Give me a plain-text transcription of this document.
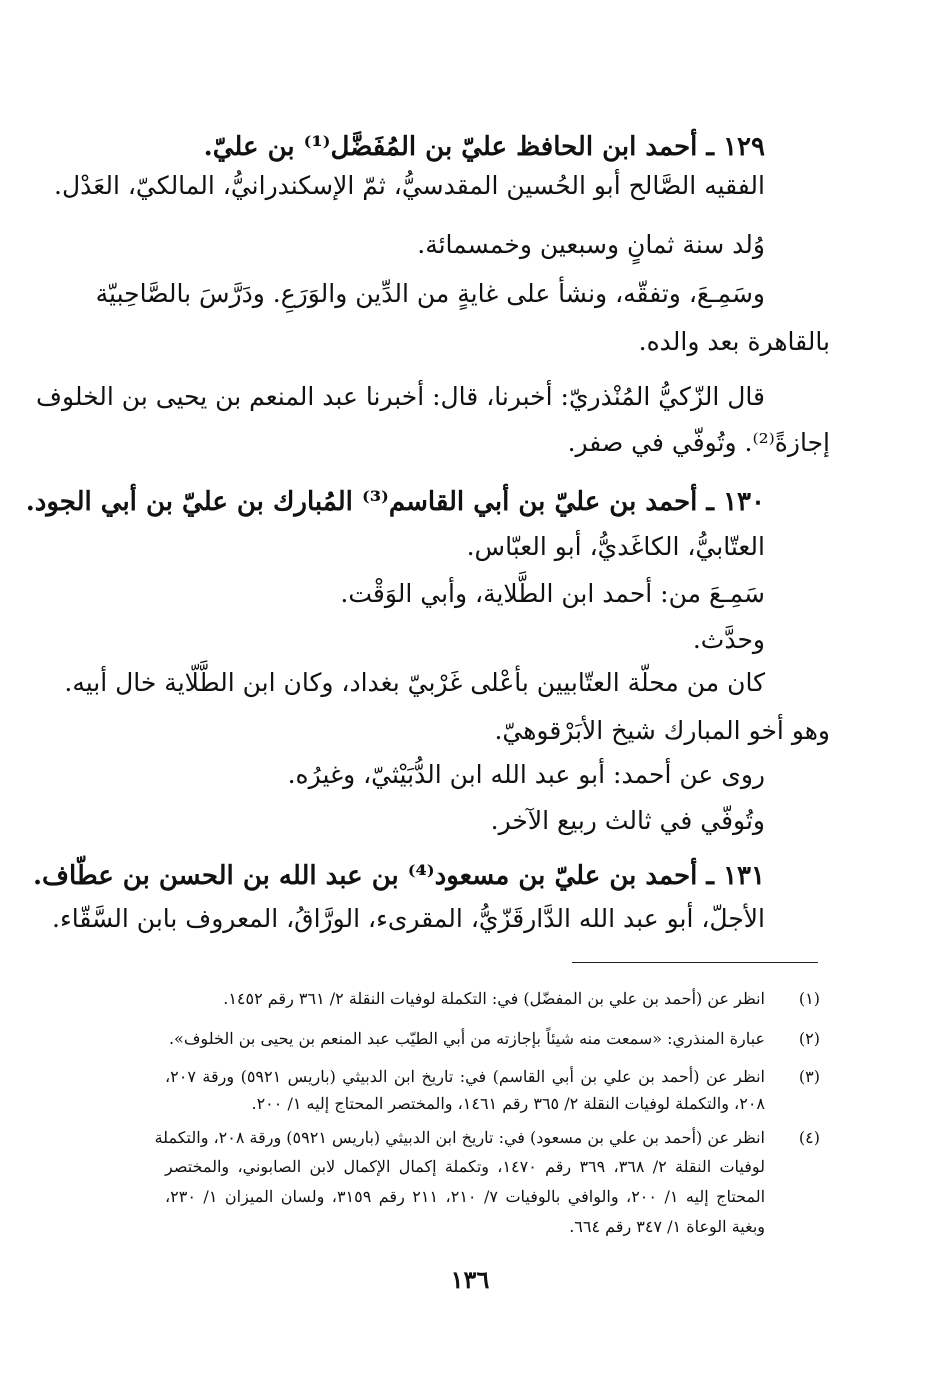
١٢٩ ـ أحمد ابن الحافظ عليّ بن المُفَضَّل⁽¹⁾ بن عليّ.
الفقيه الصَّالح أبو الحُسين المقدسيُّ، ثمّ الإسكندرانيُّ، المالكيّ، العَدْل.
وُلد سنة ثمانٍ وسبعين وخمسمائة.
وسَمِـعَ، وتفقّه، ونشأ على غايةٍ من الدِّين والوَرَعِ. ودَرَّسَ بالصَّاحِبيّة
بالقاهرة بعد والده.
قال الزّكيُّ المُنْذريّ: أخبرنا، قال: أخبرنا عبد المنعم بن يحيى بن الخلوف
إجازةً⁽²⁾. وتُوفّي في صفر.
١٣٠ ـ أحمد بن عليّ بن أبي القاسم⁽³⁾ المُبارك بن عليّ بن أبي الجود.
العتّابيُّ، الكاغَديُّ، أبو العبّاس.
سَمِـعَ من: أحمد ابن الطَّلاية، وأبي الوَقْت.
وحدَّث.
كان من محلّة العتّابيين بأعْلى غَرْبيّ بغداد، وكان ابن الطَّلّاية خال أبيه.
وهو أخو المبارك شيخ الأبَرْقوهيّ.
روى عن أحمد: أبو عبد الله ابن الدُّبَيْثيّ، وغيرُه.
وتُوفّي في ثالث ربيع الآخر.
١٣١ ـ أحمد بن عليّ بن مسعود⁽⁴⁾ بن عبد الله بن الحسن بن عطّاف.
الأجلّ، أبو عبد الله الدَّارقَزّيُّ، المقرىء، الورَّاقُ، المعروف بابن السَّقّاء.
(١)
انظر عن (أحمد بن علي بن المفضّل) في: التكملة لوفيات النقلة ٢/ ٣٦١ رقم ١٤٥٢.
(٢)
عبارة المنذري: «سمعت منه شيئاً بإجازته من أبي الطيّب عبد المنعم بن يحيى بن الخلوف».
(٣)
انظر عن (أحمد بن علي بن أبي القاسم) في: تاريخ ابن الدبيثي (باريس ٥٩٢١) ورقة ٢٠٧،
٢٠٨، والتكملة لوفيات النقلة ٢/ ٣٦٥ رقم ١٤٦١، والمختصر المحتاج إليه ١/ ٢٠٠.
(٤)
انظر عن (أحمد بن علي بن مسعود) في: تاريخ ابن الدبيثي (باريس ٥٩٢١) ورقة ٢٠٨، والتكملة
لوفيات النقلة ٢/ ٣٦٨، ٣٦٩ رقم ١٤٧٠، وتكملة إكمال الإكمال لابن الصابوني، والمختصر
المحتاج إليه ١/ ٢٠٠، والوافي بالوفيات ٧/ ٢١٠، ٢١١ رقم ٣١٥٩، ولسان الميزان ١/ ٢٣٠،
وبغية الوعاة ١/ ٣٤٧ رقم ٦٦٤.
١٣٦
